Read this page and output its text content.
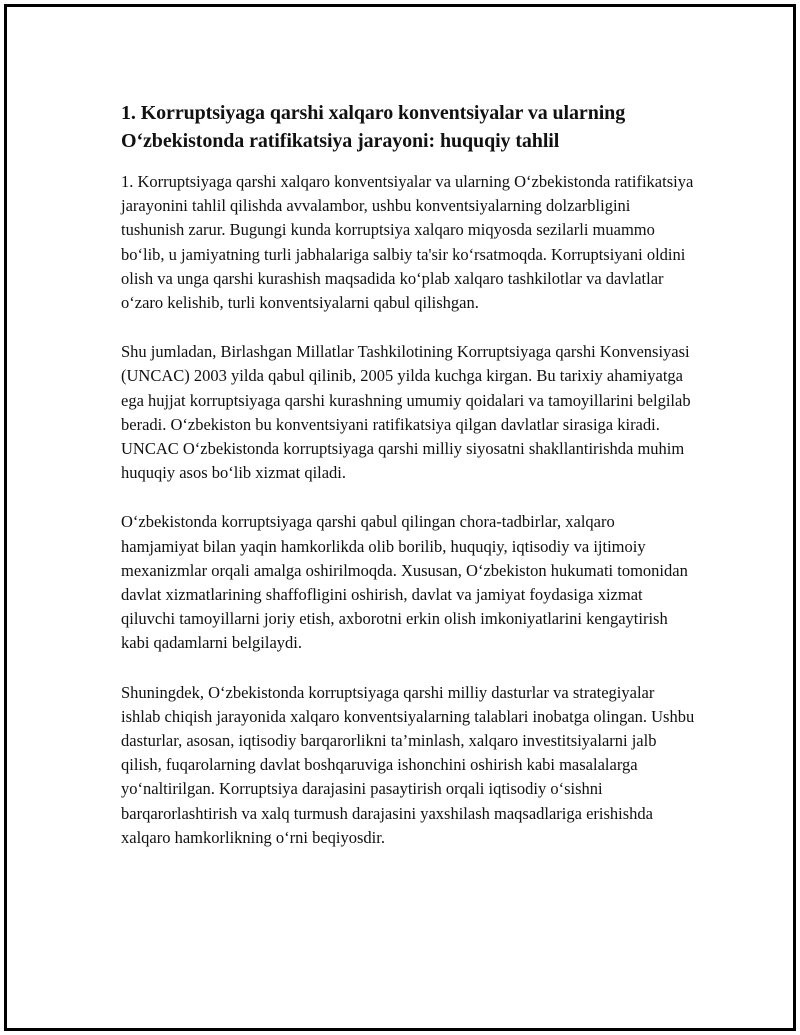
1. Korruptsiyaga qarshi xalqaro konventsiyalar va ularning O‘zbekistonda ratifikatsiya jarayoni: huquqiy tahlil

1. Korruptsiyaga qarshi xalqaro konventsiyalar va ularning O‘zbekistonda ratifikatsiya jarayonini tahlil qilishda avvalambor, ushbu konventsiyalarning dolzarbligini tushunish zarur. Bugungi kunda korruptsiya xalqaro miqyosda sezilarli muammo bo‘lib, u jamiyatning turli jabhalariga salbiy ta'sir ko‘rsatmoqda. Korruptsiyani oldini olish va unga qarshi kurashish maqsadida ko‘plab xalqaro tashkilotlar va davlatlar o‘zaro kelishib, turli konventsiyalarni qabul qilishgan.

Shu jumladan, Birlashgan Millatlar Tashkilotining Korruptsiyaga qarshi Konvensiyasi (UNCAC) 2003 yilda qabul qilinib, 2005 yilda kuchga kirgan. Bu tarixiy ahamiyatga ega hujjat korruptsiyaga qarshi kurashning umumiy qoidalari va tamoyillarini belgilab beradi. O‘zbekiston bu konventsiyani ratifikatsiya qilgan davlatlar sirasiga kiradi. UNCAC O‘zbekistonda korruptsiyaga qarshi milliy siyosatni shakllantirishda muhim huquqiy asos bo‘lib xizmat qiladi.

O‘zbekistonda korruptsiyaga qarshi qabul qilingan chora-tadbirlar, xalqaro hamjamiyat bilan yaqin hamkorlikda olib borilib, huquqiy, iqtisodiy va ijtimoiy mexanizmlar orqali amalga oshirilmoqda. Xususan, O‘zbekiston hukumati tomonidan davlat xizmatlarining shaffofligini oshirish, davlat va jamiyat foydasiga xizmat qiluvchi tamoyillarni joriy etish, axborotni erkin olish imkoniyatlarini kengaytirish kabi qadamlarni belgilaydi.

Shuningdek, O‘zbekistonda korruptsiyaga qarshi milliy dasturlar va strategiyalar ishlab chiqish jarayonida xalqaro konventsiyalarning talablari inobatga olingan. Ushbu dasturlar, asosan, iqtisodiy barqarorlikni ta’minlash, xalqaro investitsiyalarni jalb qilish, fuqarolarning davlat boshqaruviga ishonchini oshirish kabi masalalarga yo‘naltirilgan. Korruptsiya darajasini pasaytirish orqali iqtisodiy o‘sishni barqarorlashtirish va xalq turmush darajasini yaxshilash maqsadlariga erishishda xalqaro hamkorlikning o‘rni beqiyosdir.
